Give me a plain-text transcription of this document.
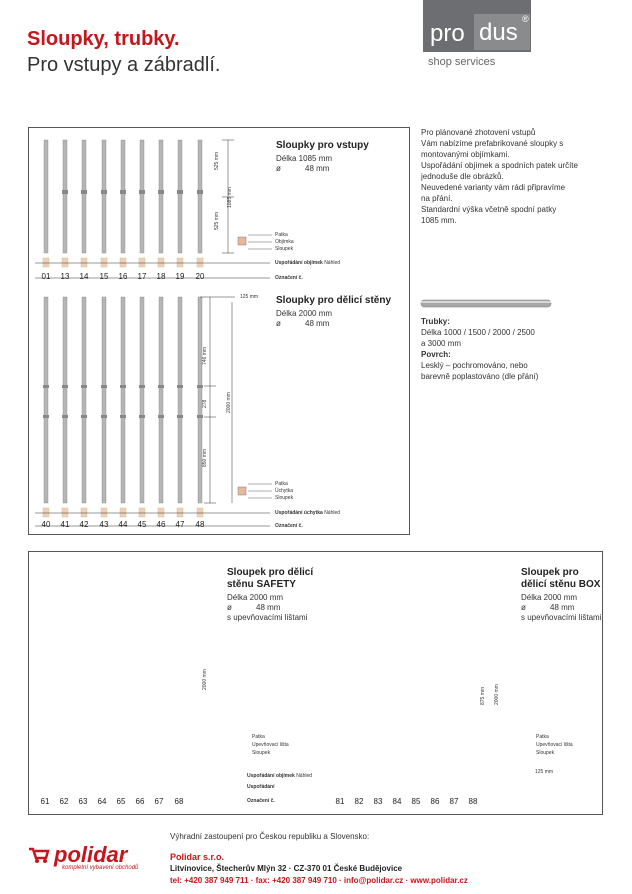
Sloupky, trubky.
Pro vstupy a zábradlí.
pro dus ®
shop services
Sloupky pro vstupy
Délka 1085 mm
ø	48 mm
525 mm
1085 mm
525 mm
Patka
Objímka
Sloupek
Uspořádání objímek Náhled
Označení č.
125 mm Sloupky pro dělicí stěny
Délka 2000 mm
ø	48 mm
746 mm
278	2000 mm
850 mm
Patka
Úchytka
Sloupek
Uspořádání úchytka Náhled
Označení č.
Pro plánované zhotovení vstupů
Vám nabízíme prefabrikované sloupky s
montovanými objímkami.
Uspořádání objímek a spodních patek určíte
jednoduše dle obrázků.
Neuvedené varianty vám rádi připravíme
na přání.
Standardní výška včetně spodní patky
1085 mm.
Trubky:
Délka 1000 / 1500 / 2000 / 2500
a 3000 mm
Povrch:
Lesklý – pochromováno, nebo
barevně poplastováno (dle přání)
Sloupek pro dělicí
stěnu SAFETY
Délka 2000 mm
ø	48 mm
s upevňovacími lištami
2000 mm
Patka
Upevňovací lišta
Sloupek
Uspořádání objímek Náhled
Uspořádání
Označení č.
Sloupek pro
dělicí stěnu BOX
Délka 2000 mm
ø	48 mm
s upevňovacími lištami
875 mm 2000 mm
125 mm
Patka
Upevňovací lišta
Sloupek
Výhradní zastoupení pro Českou republiku a Slovensko:
polidar
kompletní vybavení obchodů
Polidar s.r.o.
Litvínovice, Štecherův Mlýn 32 · CZ-370 01 České Budějovice
tel: +420 387 949 711 · fax: +420 387 949 710 · info@polidar.cz · www.polidar.cz
01	13	14	15	16	17	18	19	20
40	41	42	43	44	45	46	47	48
61	62	63	64	65	66	67	68	81	82	83	84	85	86	87	88
